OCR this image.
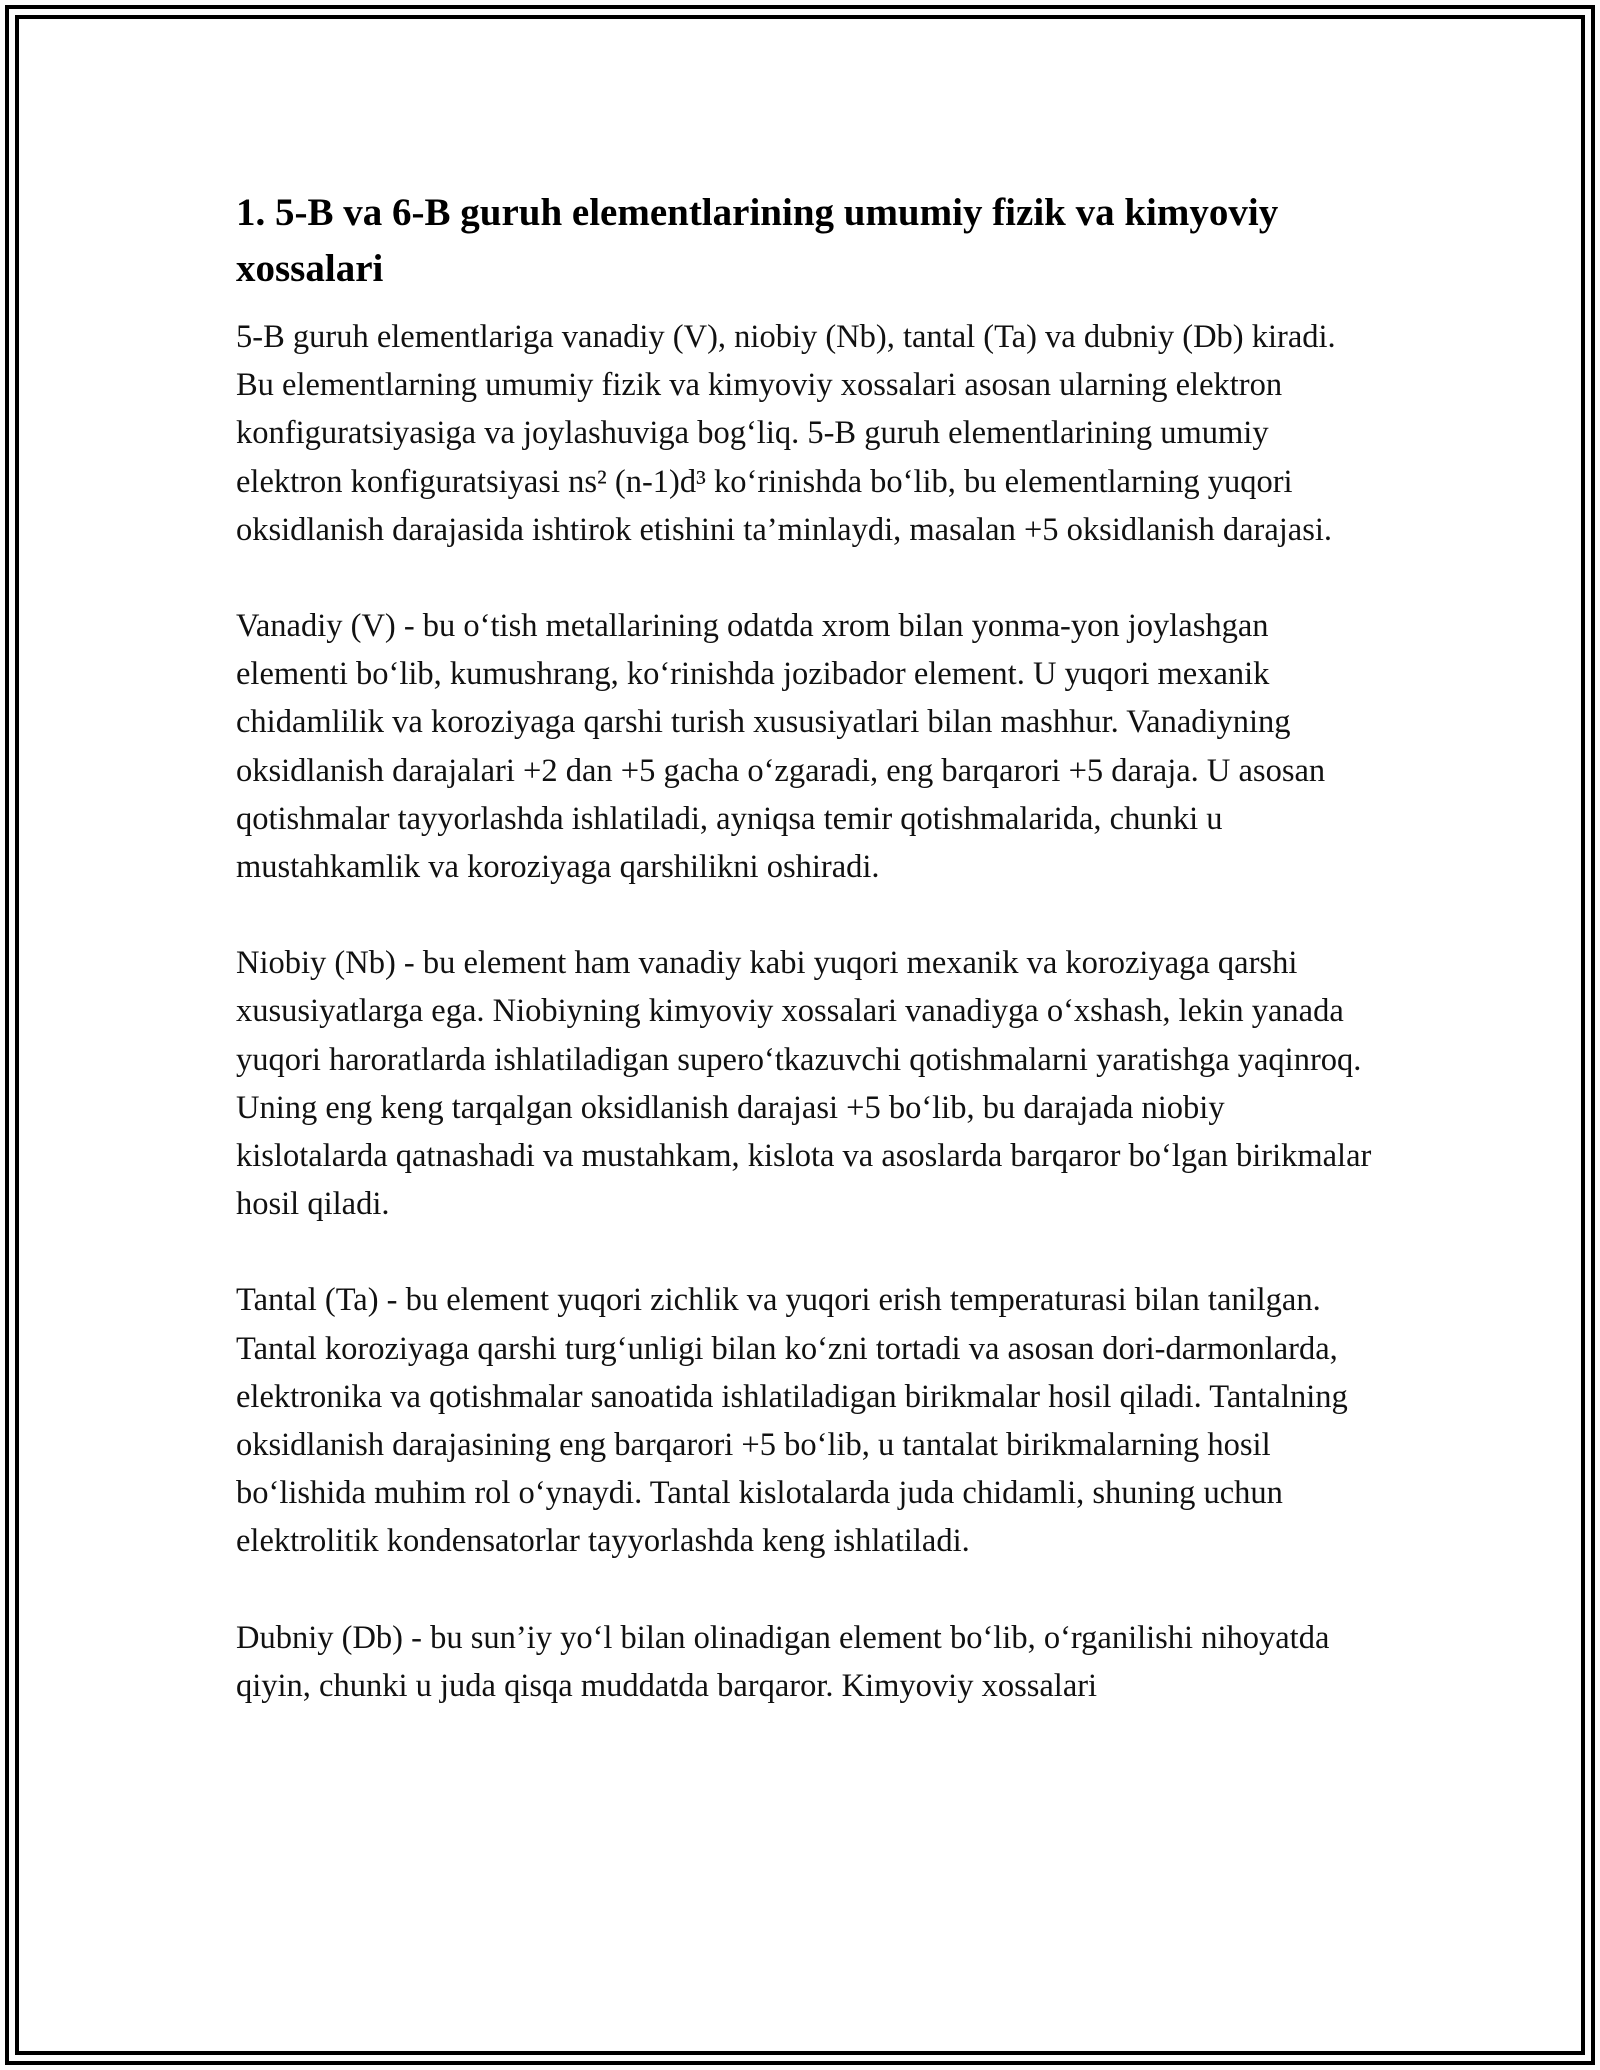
1. 5-B va 6-B guruh elementlarining umumiy fizik va kimyoviy xossalari

5-B guruh elementlariga vanadiy (V), niobiy (Nb), tantal (Ta) va dubniy (Db) kiradi. Bu elementlarning umumiy fizik va kimyoviy xossalari asosan ularning elektron konfiguratsiyasiga va joylashuviga bog‘liq. 5-B guruh elementlarining umumiy elektron konfiguratsiyasi ns² (n-1)d³ ko‘rinishda bo‘lib, bu elementlarning yuqori oksidlanish darajasida ishtirok etishini ta’minlaydi, masalan +5 oksidlanish darajasi.

Vanadiy (V) - bu o‘tish metallarining odatda xrom bilan yonma-yon joylashgan elementi bo‘lib, kumushrang, ko‘rinishda jozibador element. U yuqori mexanik chidamlilik va koroziyaga qarshi turish xususiyatlari bilan mashhur. Vanadiyning oksidlanish darajalari +2 dan +5 gacha o‘zgaradi, eng barqarori +5 daraja. U asosan qotishmalar tayyorlashda ishlatiladi, ayniqsa temir qotishmalarida, chunki u mustahkamlik va koroziyaga qarshilikni oshiradi.

Niobiy (Nb) - bu element ham vanadiy kabi yuqori mexanik va koroziyaga qarshi xususiyatlarga ega. Niobiyning kimyoviy xossalari vanadiyga o‘xshash, lekin yanada yuqori haroratlarda ishlatiladigan supero‘tkazuvchi qotishmalarni yaratishga yaqinroq. Uning eng keng tarqalgan oksidlanish darajasi +5 bo‘lib, bu darajada niobiy kislotalarda qatnashadi va mustahkam, kislota va asoslarda barqaror bo‘lgan birikmalar hosil qiladi.

Tantal (Ta) - bu element yuqori zichlik va yuqori erish temperaturasi bilan tanilgan. Tantal koroziyaga qarshi turg‘unligi bilan ko‘zni tortadi va asosan dori-darmonlarda, elektronika va qotishmalar sanoatida ishlatiladigan birikmalar hosil qiladi. Tantalning oksidlanish darajasining eng barqarori +5 bo‘lib, u tantalat birikmalarning hosil bo‘lishida muhim rol o‘ynaydi. Tantal kislotalarda juda chidamli, shuning uchun elektrolitik kondensatorlar tayyorlashda keng ishlatiladi.

Dubniy (Db) - bu sun’iy yo‘l bilan olinadigan element bo‘lib, o‘rganilishi nihoyatda qiyin, chunki u juda qisqa muddatda barqaror. Kimyoviy xossalari
